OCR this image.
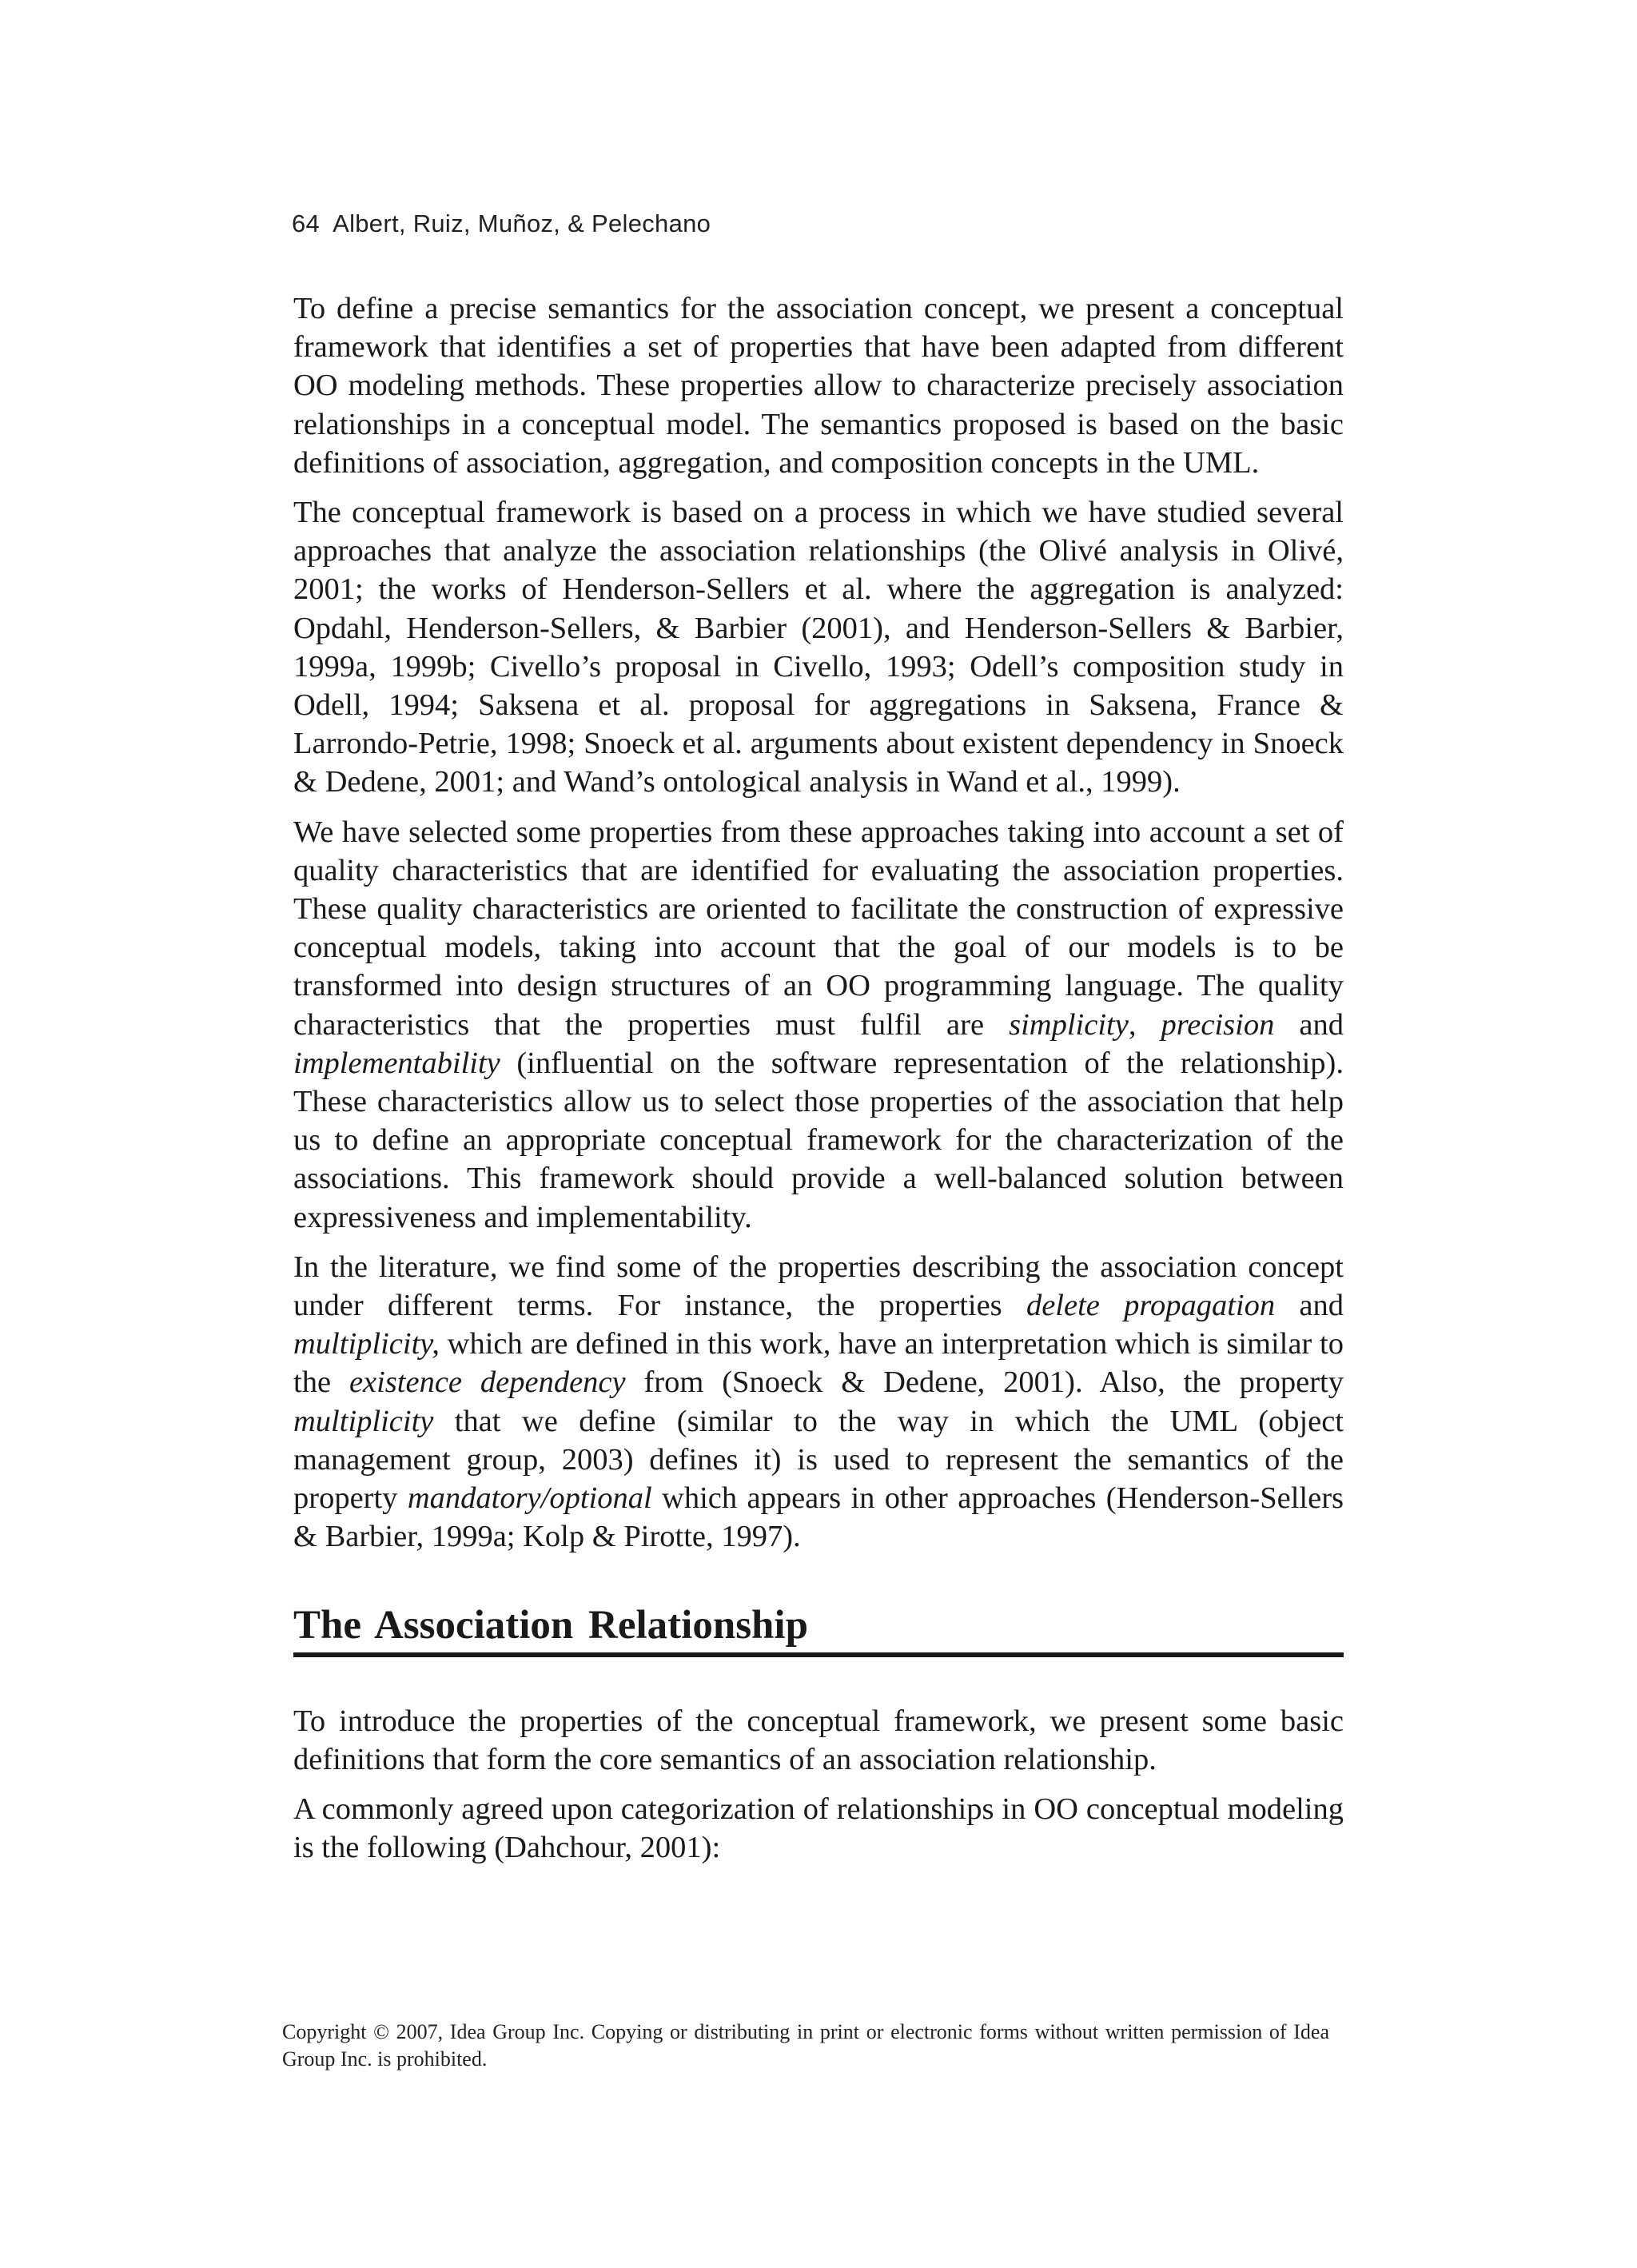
64 Albert, Ruiz, Muñoz, & Pelechano

To define a precise semantics for the association concept, we present a conceptual framework that identifies a set of properties that have been adapted from different OO modeling methods. These properties allow to characterize precisely association relationships in a conceptual model. The semantics proposed is based on the basic definitions of association, aggregation, and composition concepts in the UML.

The conceptual framework is based on a process in which we have studied several approaches that analyze the association relationships (the Olivé analysis in Olivé, 2001; the works of Henderson-Sellers et al. where the aggregation is analyzed: Opdahl, Henderson-Sellers, & Barbier (2001), and Henderson-Sellers & Barbier, 1999a, 1999b; Civello’s proposal in Civello, 1993; Odell’s composition study in Odell, 1994; Saksena et al. proposal for aggregations in Saksena, France & Larrondo-Petrie, 1998; Snoeck et al. arguments about existent dependency in Snoeck & Dedene, 2001; and Wand’s ontological analysis in Wand et al., 1999).

We have selected some properties from these approaches taking into account a set of quality characteristics that are identified for evaluating the association properties. These quality characteristics are oriented to facilitate the construction of expressive conceptual models, taking into account that the goal of our models is to be transformed into design structures of an OO programming language. The quality characteristics that the properties must fulfil are simplicity, precision and implementability (influential on the software representation of the relationship). These characteristics allow us to select those properties of the association that help us to define an appropriate conceptual framework for the characterization of the associations. This framework should provide a well-balanced solution between expressiveness and implementability.

In the literature, we find some of the properties describing the association concept under different terms. For instance, the properties delete propagation and multiplicity, which are defined in this work, have an interpretation which is similar to the existence dependency from (Snoeck & Dedene, 2001). Also, the property multiplicity that we define (similar to the way in which the UML (object management group, 2003) defines it) is used to represent the semantics of the property mandatory/optional which appears in other approaches (Henderson-Sellers & Barbier, 1999a; Kolp & Pirotte, 1997).

The Association Relationship

To introduce the properties of the conceptual framework, we present some basic definitions that form the core semantics of an association relationship.

A commonly agreed upon categorization of relationships in OO conceptual modeling is the following (Dahchour, 2001):

Copyright © 2007, Idea Group Inc. Copying or distributing in print or electronic forms without written permission of Idea Group Inc. is prohibited.
